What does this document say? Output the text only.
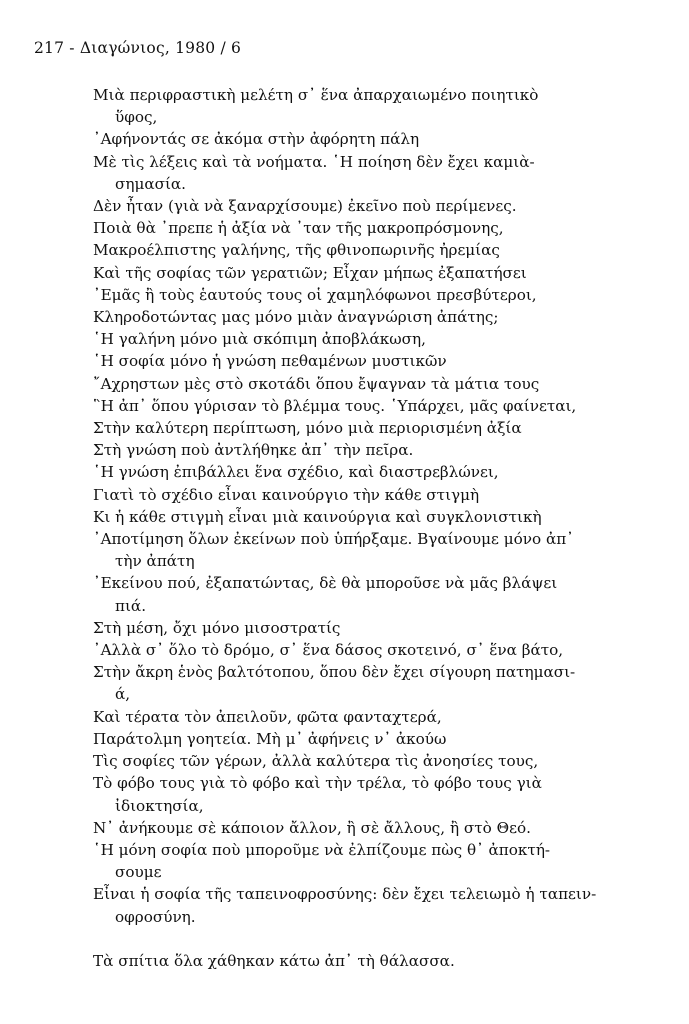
217 - Διαγώνιος, 1980 / 6

Μιὰ περιφραστικὴ μελέτη σ᾽ ἕνα ἀπαρχαιωμένο ποιητικὸ

ὕφος,

᾽Αφήνοντάς σε ἀκόμα στὴν ἀφόρητη πάλη

Μὲ τὶς λέξεις καὶ τὰ νοήματα. ῾Η ποίηση δὲν ἔχει καμιὰ-

σημασία.

Δὲν ἦταν (γιὰ νὰ ξαναρχίσουμε) ἐκεῖνο ποὺ περίμενες.

Ποιὰ θὰ ᾽πρεπε ἡ ἀξία νὰ ᾽ταν τῆς μακροπρόσμονης,

Μακροέλπιστης γαλήνης, τῆς φθινοπωρινῆς ἠρεμίας

Καὶ τῆς σοφίας τῶν γερατιῶν; Εἶχαν μήπως ἐξαπατήσει

᾽Εμᾶς ἢ τοὺς ἑαυτούς τους οἱ χαμηλόφωνοι πρεσβύτεροι,

Κληροδοτώντας μας μόνο μιὰν ἀναγνώριση ἀπάτης;

῾Η γαλήνη μόνο μιὰ σκόπιμη ἀποβλάκωση,

῾Η σοφία μόνο ἡ γνώση πεθαμένων μυστικῶν

῎Αχρηστων μὲς στὸ σκοτάδι ὅπου ἔψαγναν τὰ μάτια τους

῝Η ἀπ᾽ ὅπου γύρισαν τὸ βλέμμα τους. ῾Υπάρχει, μᾶς φαίνεται,

Στὴν καλύτερη περίπτωση, μόνο μιὰ περιορισμένη ἀξία

Στὴ γνώση ποὺ ἀντλήθηκε ἀπ᾽ τὴν πεῖρα.

῾Η γνώση ἐπιβάλλει ἕνα σχέδιο, καὶ διαστρεβλώνει,

Γιατὶ τὸ σχέδιο εἶναι καινούργιο τὴν κάθε στιγμὴ

Κι ἡ κάθε στιγμὴ εἶναι μιὰ καινούργια καὶ συγκλονιστικὴ

᾽Αποτίμηση ὅλων ἐκείνων ποὺ ὑπήρξαμε. Βγαίνουμε μόνο ἀπ᾽

τὴν ἀπάτη

᾽Εκείνου πού, ἐξαπατώντας, δὲ θὰ μποροῦσε νὰ μᾶς βλάψει

πιά.

Στὴ μέση, ὄχι μόνο μισοστρατίς

᾽Αλλὰ σ᾽ ὅλο τὸ δρόμο, σ᾽ ἕνα δάσος σκοτεινό, σ᾽ ἕνα βάτο,

Στὴν ἄκρη ἑνὸς βαλτότοπου, ὅπου δὲν ἔχει σίγουρη πατημασι-

ά,

Καὶ τέρατα τὸν ἀπειλοῦν, φῶτα φανταχτερά,

Παράτολμη γοητεία. Μὴ μ᾽ ἀφήνεις ν᾽ ἀκούω

Τὶς σοφίες τῶν γέρων, ἀλλὰ καλύτερα τὶς ἀνοησίες τους,

Τὸ φόβο τους γιὰ τὸ φόβο καὶ τὴν τρέλα, τὸ φόβο τους γιὰ

ἰδιοκτησία,

Ν᾽ ἀνήκουμε σὲ κάποιον ἄλλον, ἢ σὲ ἄλλους, ἢ στὸ Θεό.

῾Η μόνη σοφία ποὺ μποροῦμε νὰ ἐλπίζουμε πὼς θ᾽ ἀποκτή-

σουμε

Εἶναι ἡ σοφία τῆς ταπεινοφροσύνης: δὲν ἔχει τελειωμὸ ἡ ταπειν-

οφροσύνη.

Τὰ σπίτια ὅλα χάθηκαν κάτω ἀπ᾽ τὴ θάλασσα.
